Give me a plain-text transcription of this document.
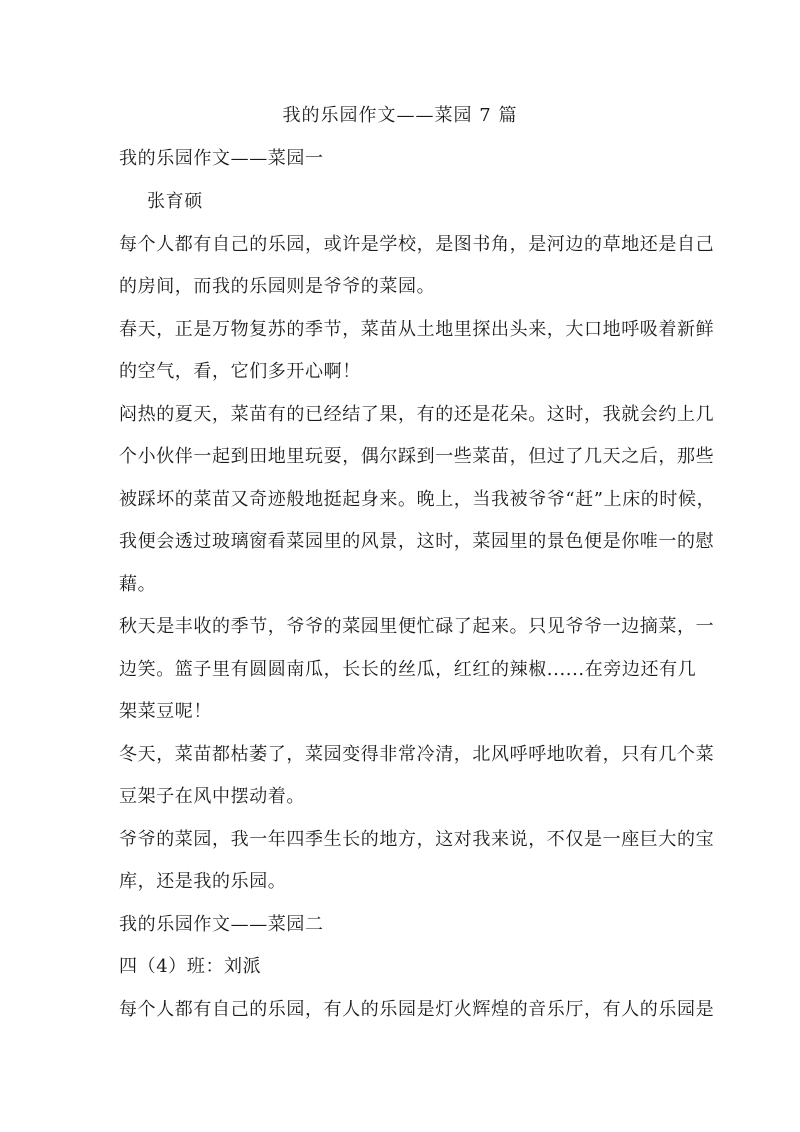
我的乐园作文——菜园 7 篇
我的乐园作文——菜园一
张育硕
每个人都有自己的乐园，或许是学校，是图书角，是河边的草地还是自己
的房间，而我的乐园则是爷爷的菜园。
春天，正是万物复苏的季节，菜苗从土地里探出头来，大口地呼吸着新鲜
的空气，看，它们多开心啊！
闷热的夏天，菜苗有的已经结了果，有的还是花朵。这时，我就会约上几
个小伙伴一起到田地里玩耍，偶尔踩到一些菜苗，但过了几天之后，那些
被踩坏的菜苗又奇迹般地挺起身来。晚上，当我被爷爷“赶”上床的时候，
我便会透过玻璃窗看菜园里的风景，这时，菜园里的景色便是你唯一的慰
藉。
秋天是丰收的季节，爷爷的菜园里便忙碌了起来。只见爷爷一边摘菜，一
边笑。篮子里有圆圆南瓜，长长的丝瓜，红红的辣椒......在旁边还有几
架菜豆呢！
冬天，菜苗都枯萎了，菜园变得非常冷清，北风呼呼地吹着，只有几个菜
豆架子在风中摆动着。
爷爷的菜园，我一年四季生长的地方，这对我来说，不仅是一座巨大的宝
库，还是我的乐园。
我的乐园作文——菜园二
四（4）班：刘派
每个人都有自己的乐园，有人的乐园是灯火辉煌的音乐厅，有人的乐园是
